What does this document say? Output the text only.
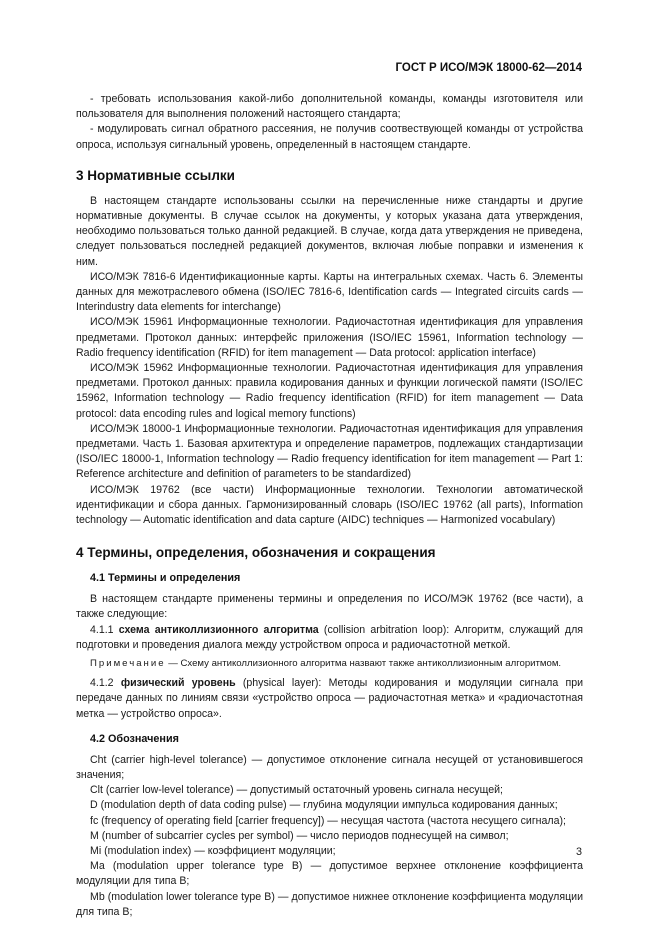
ГОСТ Р ИСО/МЭК 18000-62—2014

- требовать использования какой-либо дополнительной команды, команды изготовителя или пользователя для выполнения положений настоящего стандарта;

- модулировать сигнал обратного рассеяния, не получив соотвествующей команды от устройства опроса, используя сигнальный уровень, определенный в настоящем стандарте.

3 Нормативные ссылки

В настоящем стандарте использованы ссылки на перечисленные ниже стандарты и другие нормативные документы. В случае ссылок на документы, у которых указана дата утверждения, необходимо пользоваться только данной редакцией. В случае, когда дата утверждения не приведена, следует пользоваться последней редакцией документов, включая любые поправки и изменения к ним.

ИСО/МЭК 7816-6 Идентификационные карты. Карты на интегральных схемах. Часть 6. Элементы данных для межотраслевого обмена (ISO/IEC 7816-6, Identification cards — Integrated circuits cards — Interindustry data elements for interchange)

ИСО/МЭК 15961 Информационные технологии. Радиочастотная идентификация для управления предметами. Протокол данных: интерфейс приложения (ISO/IEC 15961, Information technology — Radio frequency identification (RFID) for item management — Data protocol: application interface)

ИСО/МЭК 15962 Информационные технологии. Радиочастотная идентификация для управления предметами. Протокол данных: правила кодирования данных и функции логической памяти (ISO/IEC 15962, Information technology — Radio frequency identification (RFID) for item management — Data protocol: data encoding rules and logical memory functions)

ИСО/МЭК 18000-1 Информационные технологии. Радиочастотная идентификация для управления предметами. Часть 1. Базовая архитектура и определение параметров, подлежащих стандартизации (ISO/IEC 18000-1, Information technology — Radio frequency identification for item management — Part 1: Reference architecture and definition of parameters to be standardized)

ИСО/МЭК 19762 (все части) Информационные технологии. Технологии автоматической идентификации и сбора данных. Гармонизированный словарь (ISO/IEC 19762 (all parts), Information technology — Automatic identification and data capture (AIDC) techniques — Harmonized vocabulary)

4 Термины, определения, обозначения и сокращения
4.1 Термины и определения

В настоящем стандарте применены термины и определения по ИСО/МЭК 19762 (все части), а также следующие:

4.1.1 схема антиколлизионного алгоритма (collision arbitration loop): Алгоритм, служащий для подготовки и проведения диалога между устройством опроса и радиочастотной меткой.

Примечание — Схему антиколлизионного алгоритма назвают также антиколлизионным алгоритмом.

4.1.2 физический уровень (physical layer): Методы кодирования и модуляции сигнала при передаче данных по линиям связи «устройство опроса — радиочастотная метка» и «радиочастотная метка — устройство опроса».

4.2 Обозначения

Cht (carrier high-level tolerance) — допустимое отклонение сигнала несущей от установившегося значения;

Clt (carrier low-level tolerance) — допустимый остаточный уровень сигнала несущей;

D (modulation depth of data coding pulse) — глубина модуляции импульса кодирования данных;

fc (frequency of operating field [carrier frequency]) — несущая частота (частота несущего сигнала);

M (number of subcarrier cycles per symbol) — число периодов поднесущей на символ;

Mi (modulation index) — коэффициент модуляции;

Ma (modulation upper tolerance type B) — допустимое верхнее отклонение коэффициента модуляции для типа B;

Mb (modulation lower tolerance type B) — допустимое нижнее отклонение коэффициента модуляции для типа B;

3
